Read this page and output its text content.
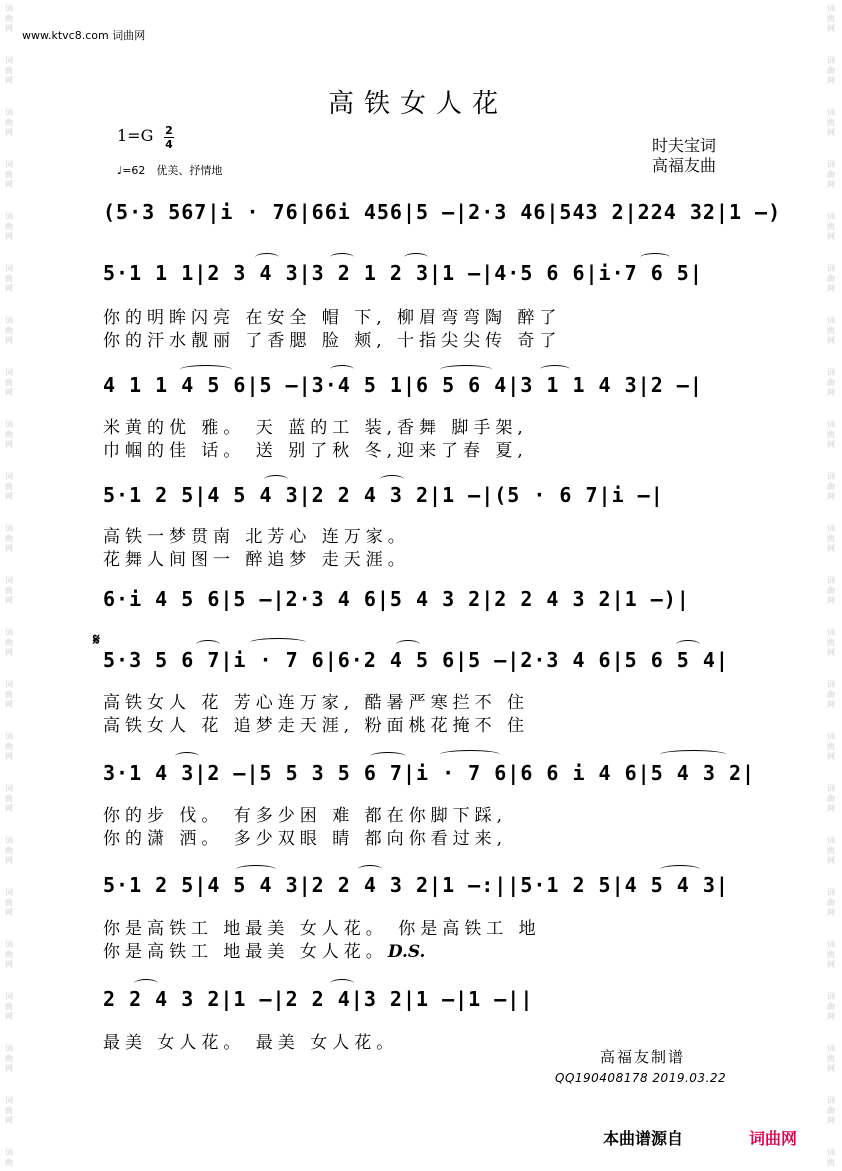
词
曲
网
词
曲
网
词
曲
网
词
曲
网
词
曲
网
词
曲
网
词
曲
网
词
曲
网
词
曲
网
词
曲
网
词
曲
网
词
曲
网
词
曲
网
词
曲
网
词
曲
网
词
曲
网
词
曲
网
词
曲
网
词
曲
网
词
曲
网
词
曲
网
词
曲
网
词
曲
词
曲
网
词
曲
网
词
曲
网
词
曲
网
词
曲
网
词
曲
网
词
曲
网
词
曲
网
词
曲
网
词
曲
网
词
曲
网
词
曲
网
词
曲
网
词
曲
网
词
曲
网
词
曲
网
词
曲
网
词
曲
网
词
曲
网
词
曲
网
词
曲
网
词
曲
网
词
曲
www.ktvc8.com 词曲网
高铁女人花
1=G 2
4
♩=62　优美、抒情地
时夫宝词
高福友曲
(5·3 567|i · 76|66i 456|5 –|2·3 46|543 2|224 32|1 –)
5·1 1 1|2 3 4 3|3 2 1 2 3|1 –|4·5 6 6|i·7 6 5|
你的明眸闪亮 在安全 帽 下, 柳眉弯弯陶 醉了
你的汗水靓丽 了香腮 脸 颊, 十指尖尖传 奇了
4 1 1 4 5 6|5 –|3·4 5 1|6 5 6 4|3 1 1 4 3|2 –|
米黄的优 雅。 天 蓝的工 装,香舞 脚手架,
巾帼的佳 话。 送 别了秋 冬,迎来了春 夏,
5·1 2 5|4 5 4 3|2 2 4 3 2|1 –|(5 · 6 7|i –|
高铁一梦贯南 北芳心 连万家。
花舞人间图一 醉追梦 走天涯。
6·i 4 5 6|5 –|2·3 4 6|5 4 3 2|2 2 4 3 2|1 –)|
𝄋
5·3 5 6 7|i · 7 6|6·2 4 5 6|5 –|2·3 4 6|5 6 5 4|
高铁女人 花 芳心连万家, 酷暑严寒拦不 住
高铁女人 花 追梦走天涯, 粉面桃花掩不 住
3·1 4 3|2 –|5 5 3 5 6 7|i · 7 6|6 6 i 4 6|5 4 3 2|
你的步 伐。 有多少困 难 都在你脚下踩,
你的潇 洒。 多少双眼 睛 都向你看过来,
5·1 2 5|4 5 4 3|2 2 4 3 2|1 –:||5·1 2 5|4 5 4 3|
你是高铁工 地最美 女人花。 你是高铁工 地
你是高铁工 地最美 女人花。D.S.
2 2 4 3 2|1 –|2 2 4|3 2|1 –|1 –||
最美 女人花。 最美 女人花。
高福友制谱
QQ190408178 2019.03.22
本曲谱源自	词曲网
